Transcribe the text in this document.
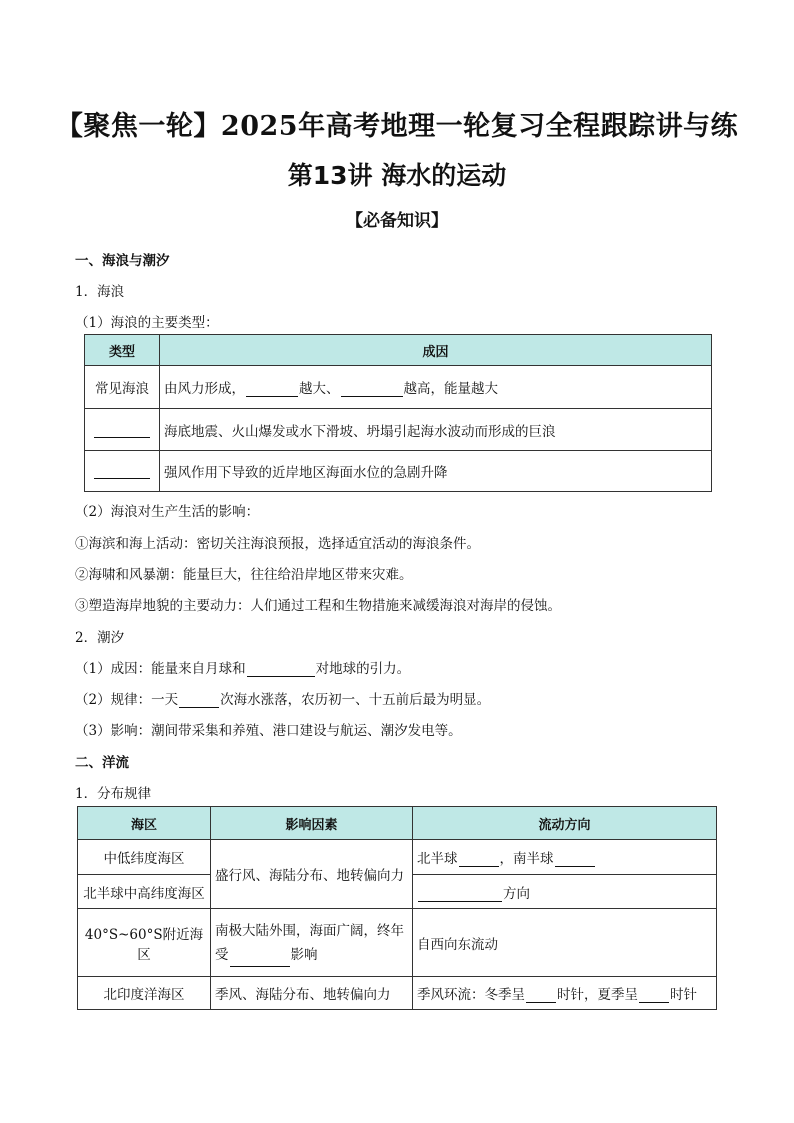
【聚焦一轮】2025年高考地理一轮复习全程跟踪讲与练
第13讲 海水的运动
【必备知识】
一、海浪与潮汐
1．海浪
（1）海浪的主要类型：
类型	成因
常见海浪	由风力形成， 越大、 越高，能量越大
	海底地震、火山爆发或水下滑坡、坍塌引起海水波动而形成的巨浪
	强风作用下导致的近岸地区海面水位的急剧升降
（2）海浪对生产生活的影响：
①海滨和海上活动：密切关注海浪预报，选择适宜活动的海浪条件。
②海啸和风暴潮：能量巨大，往往给沿岸地区带来灾难。
③塑造海岸地貌的主要动力：人们通过工程和生物措施来减缓海浪对海岸的侵蚀。
2．潮汐
（1）成因：能量来自月球和	对地球的引力。
（2）规律：一天	次海水涨落，农历初一、十五前后最为明显。
（3）影响：潮间带采集和养殖、港口建设与航运、潮汐发电等。
二、洋流
1．分布规律
海区	影响因素	流动方向
中低纬度海区	盛行风、海陆分布、地转偏向力	北半球 ，南半球
北半球中高纬度海区		方向
40°S~60°S附近海区	南极大陆外围，海面广阔，终年
受 影响	自西向东流动
北印度洋海区	季风、海陆分布、地转偏向力	季风环流：冬季呈 时针，夏季呈 时针
